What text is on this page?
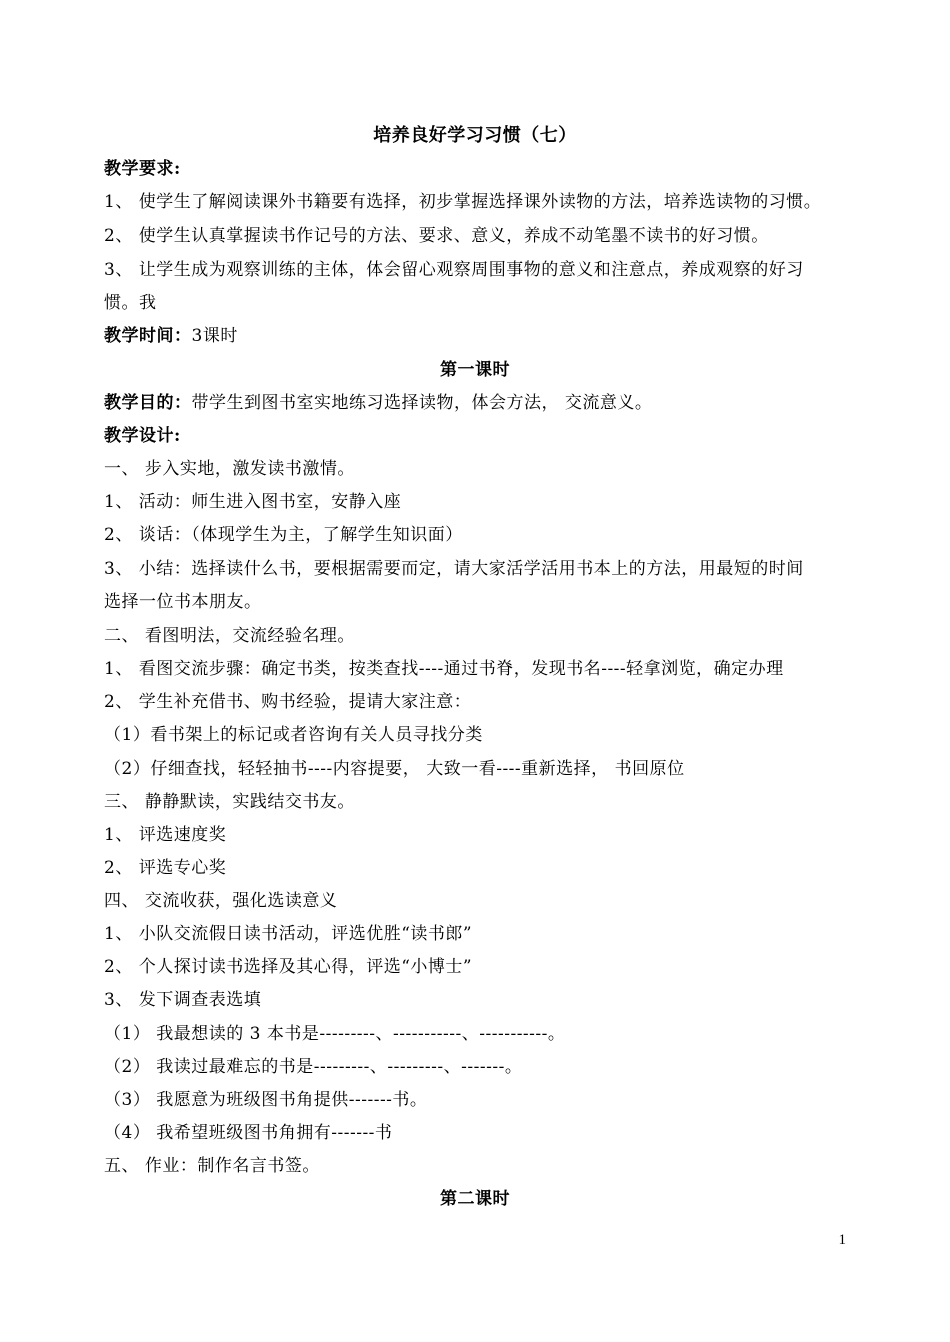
培养良好学习习惯（七）
教学要求:
1、 使学生了解阅读课外书籍要有选择，初步掌握选择课外读物的方法，培养选读物的习惯。
2、 使学生认真掌握读书作记号的方法、要求、意义，养成不动笔墨不读书的好习惯。
3、 让学生成为观察训练的主体，体会留心观察周围事物的意义和注意点，养成观察的好习
惯。我
教学时间：3课时
第一课时
教学目的：带学生到图书室实地练习选择读物，体会方法， 交流意义。
教学设计:
一、 步入实地，激发读书激情。
1、 活动：师生进入图书室，安静入座
2、 谈话：（体现学生为主，了解学生知识面）
3、 小结：选择读什么书，要根据需要而定，请大家活学活用书本上的方法，用最短的时间
选择一位书本朋友。
二、 看图明法，交流经验名理。
1、 看图交流步骤：确定书类，按类查找----通过书脊，发现书名----轻拿浏览，确定办理
2、 学生补充借书、购书经验，提请大家注意：
（1）看书架上的标记或者咨询有关人员寻找分类
（2）仔细查找，轻轻抽书----内容提要， 大致一看----重新选择， 书回原位
三、 静静默读，实践结交书友。
1、 评选速度奖
2、 评选专心奖
四、 交流收获，强化选读意义
1、 小队交流假日读书活动，评选优胜“读书郎”
2、 个人探讨读书选择及其心得，评选“小博士”
3、 发下调查表选填
（1） 我最想读的 3 本书是---------、-----------、-----------。
（2） 我读过最难忘的书是---------、---------、-------。
（3） 我愿意为班级图书角提供-------书。
（4） 我希望班级图书角拥有-------书
五、 作业：制作名言书签。
第二课时
1
